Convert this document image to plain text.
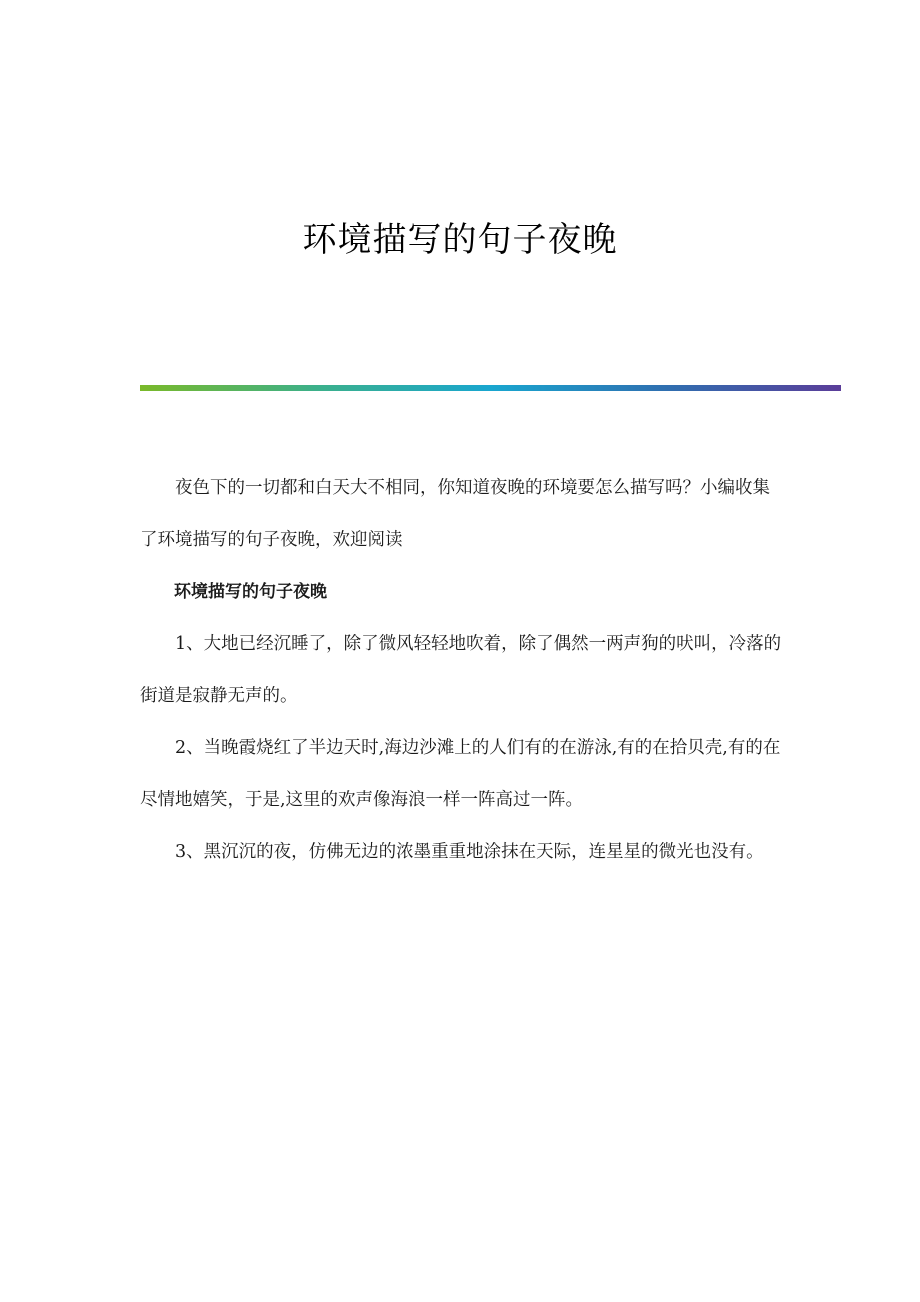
环境描写的句子夜晚

夜色下的一切都和白天大不相同，你知道夜晚的环境要怎么描写吗？小编收集了环境描写的句子夜晚，欢迎阅读

环境描写的句子夜晚

1、大地已经沉睡了，除了微风轻轻地吹着，除了偶然一两声狗的吠叫，冷落的街道是寂静无声的。

2、当晚霞烧红了半边天时,海边沙滩上的人们有的在游泳,有的在拾贝壳,有的在尽情地嬉笑，于是,这里的欢声像海浪一样一阵高过一阵。

3、黑沉沉的夜，仿佛无边的浓墨重重地涂抹在天际，连星星的微光也没有。
